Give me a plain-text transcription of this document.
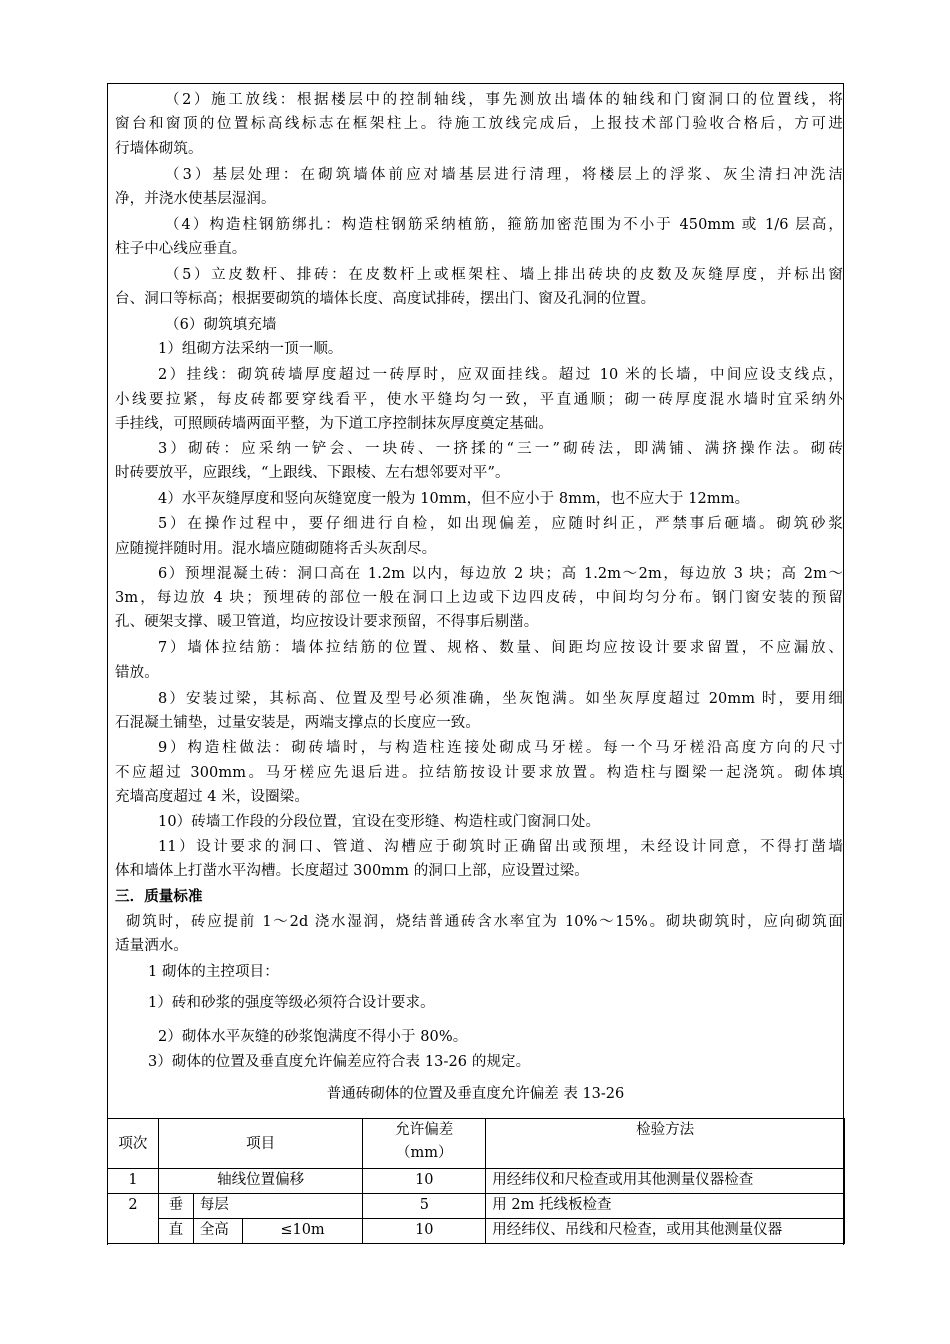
（2）施工放线：根据楼层中的控制轴线，事先测放出墙体的轴线和门窗洞口的位置线，将
窗台和窗顶的位置标高线标志在框架柱上。待施工放线完成后，上报技术部门验收合格后，方可进
行墙体砌筑。
（3）基层处理：在砌筑墙体前应对墙基层进行清理，将楼层上的浮浆、灰尘清扫冲洗洁
净，并浇水使基层湿润。
（4）构造柱钢筋绑扎：构造柱钢筋采纳植筋，箍筋加密范围为不小于 450mm 或 1/6 层高，
柱子中心线应垂直。
（5）立皮数杆、排砖：在皮数杆上或框架柱、墙上排出砖块的皮数及灰缝厚度，并标出窗
台、洞口等标高；根据要砌筑的墙体长度、高度试排砖，摆出门、窗及孔洞的位置。
（6）砌筑填充墙
1）组砌方法采纳一顶一顺。
2）挂线：砌筑砖墙厚度超过一砖厚时，应双面挂线。超过 10 米的长墙，中间应设支线点，
小线要拉紧，每皮砖都要穿线看平，使水平缝均匀一致，平直通顺；砌一砖厚度混水墙时宜采纳外
手挂线，可照顾砖墙两面平整，为下道工序控制抹灰厚度奠定基础。
3）砌砖：应采纳一铲会、一块砖、一挤揉的“三一”砌砖法，即满铺、满挤操作法。砌砖
时砖要放平，应跟线，“上跟线、下跟棱、左右想邻要对平”。
4）水平灰缝厚度和竖向灰缝宽度一般为 10mm，但不应小于 8mm，也不应大于 12mm。
5）在操作过程中，要仔细进行自检，如出现偏差，应随时纠正，严禁事后砸墙。砌筑砂浆
应随搅拌随时用。混水墙应随砌随将舌头灰刮尽。
6）预埋混凝土砖：洞口高在 1.2m 以内，每边放 2 块；高 1.2m～2m，每边放 3 块；高 2m～
3m，每边放 4 块；预埋砖的部位一般在洞口上边或下边四皮砖，中间均匀分布。钢门窗安装的预留
孔、硬架支撑、暖卫管道，均应按设计要求预留，不得事后剔凿。
7）墙体拉结筋：墙体拉结筋的位置、规格、数量、间距均应按设计要求留置，不应漏放、
错放。
8）安装过梁，其标高、位置及型号必须准确，坐灰饱满。如坐灰厚度超过 20mm 时，要用细
石混凝土铺垫，过量安装是，两端支撑点的长度应一致。
9）构造柱做法：砌砖墙时，与构造柱连接处砌成马牙槎。每一个马牙槎沿高度方向的尺寸
不应超过 300mm。马牙槎应先退后进。拉结筋按设计要求放置。构造柱与圈梁一起浇筑。砌体填
充墙高度超过 4 米，设圈梁。
10）砖墙工作段的分段位置，宜设在变形缝、构造柱或门窗洞口处。
11）设计要求的洞口、管道、沟槽应于砌筑时正确留出或预埋，未经设计同意，不得打凿墙
体和墙体上打凿水平沟槽。长度超过 300mm 的洞口上部，应设置过梁。
三．质量标准
砌筑时，砖应提前 1～2d 浇水湿润，烧结普通砖含水率宜为 10%～15%。砌块砌筑时，应向砌筑面
适量洒水。
1 砌体的主控项目：
1）砖和砂浆的强度等级必须符合设计要求。
2）砌体水平灰缝的砂浆饱满度不得小于 80%。
3）砌体的位置及垂直度允许偏差应符合表 13-26 的规定。
普通砖砌体的位置及垂直度允许偏差 表 13-26
项次	项目			允许偏差（mm）	检验方法
1	轴线位置偏移			10	用经纬仪和尺检查或用其他测量仪器检查
2	垂	每层		5	用 2m 托线板检查
	直	全高	≤10m	10	用经纬仪、吊线和尺检查，或用其他测量仪器
